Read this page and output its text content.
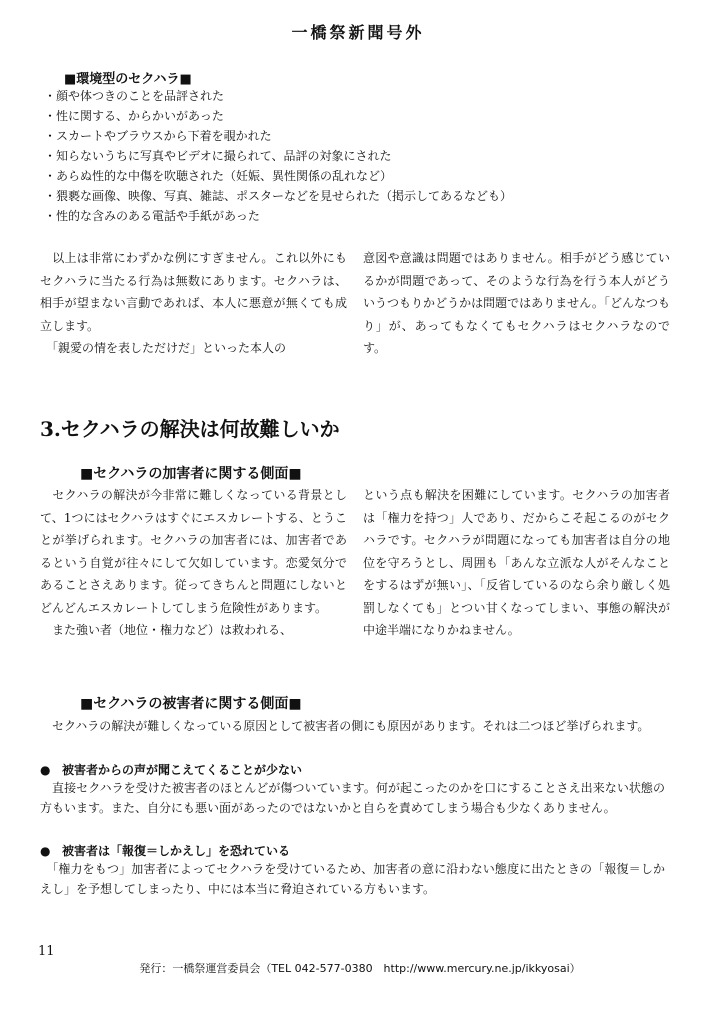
一橋祭新聞号外
■環境型のセクハラ■
・ 顔や体つきのことを品評された
・ 性に関する、からかいがあった
・ スカートやブラウスから下着を覗かれた
・ 知らないうちに写真やビデオに撮られて、品評の対象にされた
・ あらぬ性的な中傷を吹聴された（妊娠、異性関係の乱れなど）
・ 猥褻な画像、映像、写真、雑誌、ポスターなどを見せられた（掲示してあるなども）
・ 性的な含みのある電話や手紙があった

　以上は非常にわずかな例にすぎません。これ以外にもセクハラに当たる行為は無数にあります。セクハラは、相手が望まない言動であれば、本人に悪意が無くても成立します。
　「親愛の情を表しただけだ」といった本人の

意図や意識は問題ではありません。相手がどう感じているかが問題であって、そのような行為を行う本人がどういうつもりかどうかは問題ではありません。「どんなつもり」が、あってもなくてもセクハラはセクハラなのです。

3.セクハラの解決は何故難しいか
■セクハラの加害者に関する側面■

　セクハラの解決が今非常に難しくなっている背景として、1つにはセクハラはすぐにエスカレートする、とうことが挙げられます。セクハラの加害者には、加害者であるという自覚が往々にして欠如しています。恋愛気分であることさえあります。従ってきちんと問題にしないとどんどんエスカレートしてしまう危険性があります。
　また強い者（地位・権力など）は救われる、

という点も解決を困難にしています。セクハラの加害者は「権力を持つ」人であり、だからこそ起こるのがセクハラです。セクハラが問題になっても加害者は自分の地位を守ろうとし、周囲も「あんな立派な人がそんなことをするはずが無い」、「反省しているのなら余り厳しく処罰しなくても」とつい甘くなってしまい、事態の解決が中途半端になりかねません。

■セクハラの被害者に関する側面■

　セクハラの解決が難しくなっている原因として被害者の側にも原因があります。それは二つほど挙げられます。

● 被害者からの声が聞こえてくることが少ない

　直接セクハラを受けた被害者のほとんどが傷ついています。何が起こったのかを口にすることさえ出来ない状態の方もいます。また、自分にも悪い面があったのではないかと自らを責めてしまう場合も少なくありません。

● 被害者は「報復＝しかえし」を恐れている

　「権力をもつ」加害者によってセクハラを受けているため、加害者の意に沿わない態度に出たときの「報復＝しかえし」を予想してしまったり、中には本当に脅迫されている方もいます。

11
発行：一橋祭運営委員会（TEL 042-577-0380　http://www.mercury.ne.jp/ikkyosai）
